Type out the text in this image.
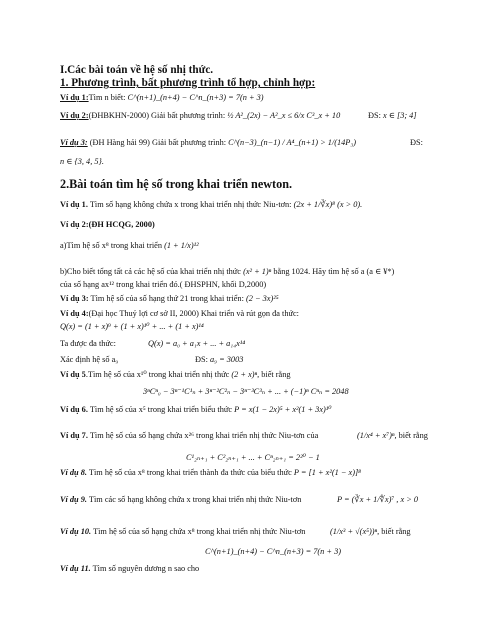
I.Các bài toán về hệ số nhị thức.
1. Phương trình, bất phương trình tổ hợp, chỉnh hợp:
Ví dụ 1:Tìm n biết: C^(n+1)_(n+4) − C^n_(n+3) = 7(n + 3)
Ví dụ 2:(ĐHBKHN-2000) Giải bất phương trình: ½ A²_(2x) − A²_x ≤ 6/x C³_x + 10	ĐS: x ∈ [3; 4]
Ví dụ 3: (ĐH Hàng hải 99) Giải bất phương trình: C^(n−3)_(n−1) / A⁴_(n+1) > 1/(14P₃)	ĐS:
n ∈ {3, 4, 5}.
2.Bài toán tìm hệ số trong khai triển newton.
Ví dụ 1. Tìm số hạng không chứa x trong khai triển nhị thức Niu-tơn: (2x + 1/∛x)⁸ (x > 0).
Ví dụ 2:(ĐH HCQG, 2000)
a)Tìm hệ số x⁸ trong khai triển (1 + 1/x)¹²
b)Cho biết tổng tất cả các hệ số của khai triển nhị thức (x² + 1)ⁿ bằng 1024. Hãy tìm hệ số a (a ∈ ¥*)
của số hạng ax¹² trong khai triển đó.( ĐHSPHN, khối D,2000)
Ví dụ 3: Tìm hệ số của số hạng thứ 21 trong khai triển: (2 − 3x)²⁵
Ví dụ 4:(Đại học Thuỷ lợi cơ sở II, 2000) Khai triển và rút gọn đa thức:
Q(x) = (1 + x)⁹ + (1 + x)¹⁰ + ... + (1 + x)¹⁴
Ta được đa thức:	Q(x) = a₀ + a₁x + ... + a₁₄x¹⁴
Xác định hệ số a₉	ĐS: a₉ = 3003
Ví dụ 5.Tìm hệ số của x¹⁰ trong khai triển nhị thức (2 + x)ⁿ, biết rằng
3ⁿCⁿ₀ − 3ⁿ⁻¹C¹ₙ + 3ⁿ⁻²C²ₙ − 3ⁿ⁻³C³ₙ + ... + (−1)ⁿ Cⁿₙ = 2048
Ví dụ 6. Tìm hệ số của x⁵ trong khai triển biểu thức P = x(1 − 2x)⁵ + x²(1 + 3x)¹⁰
Ví dụ 7. Tìm hệ số của số hạng chứa x²⁶ trong khai triển nhị thức Niu-tơn của	(1/x⁴ + x⁷)ⁿ, biết rằng
C¹₂ₙ₊₁ + C²₂ₙ₊₁ + ... + Cⁿ₂ₙ₊₁ = 2²⁰ − 1
Ví dụ 8. Tìm hệ số của x⁸ trong khai triển thành đa thức của biểu thức P = [1 + x²(1 − x)]⁸
Ví dụ 9. Tìm các số hạng không chứa x trong khai triển nhị thức Niu-tơn	P = (∛x + 1/∜x)⁷ , x > 0
Ví dụ 10. Tìm hệ số của số hạng chứa x⁸ trong khai triển nhị thức Niu-tơn	(1/x³ + √(x⁵))ⁿ, biết rằng
C^(n+1)_(n+4) − C^n_(n+3) = 7(n + 3)
Ví dụ 11. Tìm số nguyên dương n sao cho
